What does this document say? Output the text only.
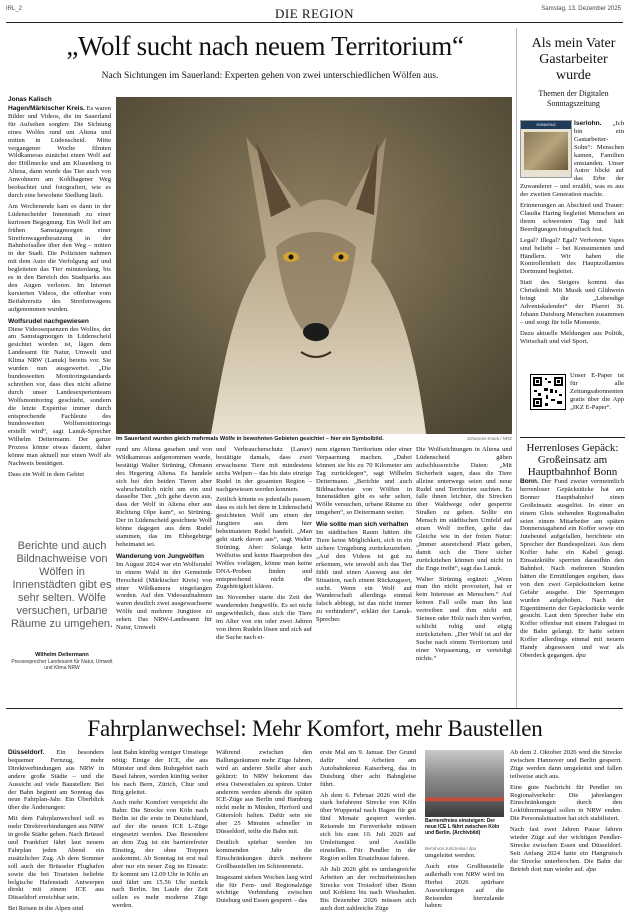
IRL_2	DIE REGION	Samstag, 13. Dezember 2025
„Wolf sucht nach neuem Territorium“
Nach Sichtungen im Sauerland: Experten gehen von zwei unterschiedlichen Wölfen aus.
Jonas Kalisch

Hagen/Märkischer Kreis. Es waren Bilder und Videos, die im Sauerland für Aufsehen sorgten: Die Sichtung eines Wolfes rund um Altena und mitten in Lüdenscheid. Mitte vergangener Woche filmten Wildkameras zunächst einen Wolf auf der Höllmecke und am Klusenberg in Altena, dann wurde das Tier auch von Anwohnern am Kohlhagener Weg beobachtet und fotografiert, wie es durch eine bewohnte Siedlung läuft.

Am Wochenende kam es dann in der Lüdenscheider Innenstadt zu einer kuriosen Begegnung. Ein Wolf lief am frühen Samstagmorgen einer Streifenwagenbesatzung in der Bahnhofsallee über den Weg – mitten in der Stadt. Die Polizisten nahmen mit dem Auto die Verfolgung auf und begleiteten das Tier minutenlang, bis es in den Bereich des Stadtparks aus den Augen verloren. Im Internet kursierten Videos, die offenbar vom Beifahrersitz des Streifenwagens aufgenommen wurden.

Wolfsrudel nachgewiesen

Diese Videosequenzen des Wolfes, der am Samstagmorgen in Lüdenscheid gesichtet worden ist, lägen dem Landesamt für Natur, Umwelt und Klima NRW (Lanuk) bereits vor. Sie wurden nun ausgewertet. „Die bundesweiten Monitoringstandards schreiben vor, dass dies nicht alleine durch unser Landesexpertenteam Wolfsmonitoring geschieht, sondern die letzte Expertise immer durch entsprechende Fachleute des bundesweiten Wolfsmonitorings erstellt wird“, sagt Lanuk-Sprecher Wilhelm Deitermann. Der ganze Prozess könne etwas dauern, daher könne man aktuell nur einen Wolf als Nachweis bestätigen.

Dass ein Wolf in dem Gebiet

Im Sauerland wurden gleich mehrmals Wölfe in bewohnten Gebieten gesichtet – hier ein Symbolbild.	Johannes Krack / NRZ

rund um Altena gesehen und von Wildkameras aufgenommen wurde, bestätigt Walter Strüning, Obmann des Hegering Altena. Es handele sich bei den beiden Tieren aber wahrscheinlich nicht um ein und dasselbe Tier. „Ich gehe davon aus, dass der Wolf in Altena eher aus Richtung Olpe kam“, so Strüning. Der in Lüdenscheid gesichtete Wolf könne dagegen aus dem Rudel stammen, das im Ebbegebirge beheimatet sei.

Wanderung von Jungwölfen

Im August 2024 war ein Wolfsrudel in einem Wald in der Gemeinde Herscheid (Märkischer Kreis) von einer Wildkamera eingefangen worden. Auf den Videoaufnahmen waren deutlich zwei ausgewachsene Wölfe und mehrere Jungtiere zu sehen. Das NRW-Landesamt für Natur, Umwelt

und Verbraucherschutz (Lanuv) bestätigte damals, dass zwei erwachsene Tiere mit mindestens sechs Welpen – das bis dato einzige Rudel in der gesamten Region – nachgewiesen werden konnten.

Zeitlich könnte es jedenfalls passen, dass es sich bei dem in Lüdenscheid gesichteten Wolf um einen der Jungtiere aus dem hier beheimateten Rudel handelt. „Man geht stark davon aus“, sagt Walter Strüning. Aber: Solange kein Wolfsriss und keine Haarproben des Wolfes vorlägen, könne man keine DNA-Proben finden und entsprechend nicht die Zugehörigkeit klären.

Im November starte die Zeit der wandernden Jungwölfe. Es sei nicht ungewöhnlich, dass sich die Tiere im Alter von ein oder zwei Jahren von ihren Rudeln lösen und sich auf die Suche nach ei-

nem eigenen Territorium oder einer Verpaarnung machen. „Dabei können sie bis zu 70 Kilometer am Tag zurücklegen“, sagt Wilhelm Deitermann. „Berichte und auch Bildnachweise von Wölfen in Innenstädten gibt es sehr selten, Wölfe versuchen, urbane Räume zu umgehen“, so Deitermann weiter.

Wie sollte man sich verhalten

Im städtischen Raum hätten die Tiere keine Möglichkeit, sich in ein sichere Umgebung zurückzuziehen. „Auf den Videos ist gut zu erkennen, wie unwohl sich das Tier fühlt und einen Ausweg aus der Situation, nach einem Rückzugsort, sucht. Wenn ein Wolf auf Wanderschaft allerdings einmal falsch abbiegt, ist das nicht immer zu verhindern“, erklärt der Lanuk-Sprecher.

Die Wolfssichtungen in Altena und Lüdenscheid gäben aufschlussreiche Daten: „Mit Sicherheit sagen, dass die Tiere alleine unterwegs seien und neue Rudel und Territorien suchten. Es falle ihnen leichter, die Strecken über Waldwege oder gesperrte Straßen zu gehen. Sollte ein Mensch im städtischen Umfeld auf einen Wolf treffen, gelte das Gleiche wie in der freien Natur: „Immer ausreichend Platz geben, damit sich die Tiere sicher zurückziehen können und nicht in die Enge treibt“, sagt das Lanuk.

Walter Strüning ergänzt: „Wenn man ihn nicht provoziert, hat er kein Interesse an Menschen.“ Auf keinen Fall solle man ihn laut vertreiben und ihm nicht mit Steinen oder Holz nach ihm werfen, schlicht ruhig und zügig zurückziehen. „Der Wolf ist auf der Suche nach einem Territorium und einer Verpaarnung, er verteidigt nichts.“

Berichte und auch Bildnachweise von Wölfen in Innenstädten gibt es sehr selten. Wölfe versuchen, urbane Räume zu umgehen.
Wilhelm Deitermann
Pressesprecher Landesamt für Natur, Umwelt und Klima NRW
Als mein Vater Gastarbeiter wurde
Themen der Digitalen Sonntagszeitung
SONNTAG	Iserlohn. „Ich bin ein Gastarbeiter-Sohn“: Menschen kamen, Familien entstanden. Unser Autor blickt auf das Erbe der Zuwanderer – und erzählt, was es aus der zweiten Generation machte.

Erinnerungen an Abschied und Trauer: Claudia Haring begleitet Menschen an ihrem schwersten Tag und hält Beerdigungen fotografisch fest.

Legal? Illegal? Egal? Verbotene Vapes sind beliebt – bei Konsumenten und Händlern. Wir haben die Kontrolleinheit des Hauptzollamtes Dortmund begleitet.

Statt des Steigers kommt das Christkind: Mit Musik und Glühwein bringt die „Lebendige Adventskalender“ der Pfarrei St. Johann Duisburg Menschen zusammen – und sorgt für tolle Momente.

Dazu aktuelle Meldungen aus Politik, Wirtschaft und viel Sport.

Unser E-Paper ist für alle Zeitungsabonnenten gratis über die App „IKZ E-Paper“.

Herrenloses Gepäck: Großeinsatz am Hauptbahnhof Bonn

Bonn. Der Fund zweier vermeintlich herrenloser Gepäckstücke hat am Bonner Hauptbahnhof einen Großeinsatz ausgelöst. In einer an einem Gleis stehenden Regionalbahn seien einem Mitarbeiter am späten Donnerstagabend ein Koffer sowie ein Jutebeutel aufgefallen, berichtete ein Sprecher der Bundespolizei. Aus dem Koffer habe ein Kabel geragt. Einsatzkräfte sperrten daraufhin den Bahnhof. Nach mehreren Stunden hätten die Ermittlungen ergeben, dass von den zwei Gepäckstücken keine Gefahr ausgehe. Die Sperrungen wurden aufgehoben. Nach der Eigentümerin der Gepäckstücke werde gesucht. Laut dem Sprecher habe ein Koffer offenbar mit einem Fahrgast in die Bahn gelangt. Er hatte seinen Koffer allerdings einmal mit neuem Handy abgesessen und war als Oberdeck gegangen. dpa

Fahrplanwechsel: Mehr Komfort, mehr Baustellen

Düsseldorf. Ein besonders bequemer Fernzug, mehr Direktverbindungen aus NRW in andere große Städte – und die Aussicht auf viele Baustellen: Bei der Bahn beginnt am Sonntag das neue Fahrplan-Jahr. Ein Überblick über die Änderungen:

Mit dem Fahrplanwechsel soll es mehr Direktverbindungen aus NRW in große Städte geben. Nach Brüssel und Frankfurt fährt laut neuem Fahrplan jeden Abend ein zusätzlicher Zug. Ab dem Sommer soll auch der Brüsseler Flughafen sowie die bei Touristen beliebte belgische Hafenstadt Antwerpen direkt mit einem ICE aus Düsseldorf erreichbar sein.

Bei Reisen in die Alpen sind

laut Bahn künftig weniger Umstiege nötig: Einige der ICE, die aus Münster und dem Ruhrgebiet nach Basel fahren, werden künftig weiter bis nach Bern, Zürich, Chur und Brig geleitet.

Auch mehr Komfort verspricht die Bahn: Die Strecke von Köln nach Berlin ist die erste in Deutschland, auf der die neuen ICE L-Züge eingesetzt werden. Das Besondere an dem Zug ist ein barrierefreier Einstieg, der ohne Treppen auskommt. Ab Sonntag ist erst mal aber nur ein neuer Zug im Einsatz: Er kommt um 12.09 Uhr in Köln an und fährt um 15.56 Uhr zurück nach Berlin. Im Laufe der Zeit sollen es mehr moderne Züge werden.

Während zwischen den Ballungsräumen mehr Züge fahren, wird an anderer Stelle aber auch gekürzt: In NRW bekommt das etwa Ostwestfalen zu spüren. Unter anderem werden abends die späten ICE-Züge aus Berlin und Hamburg nicht mehr in Minden, Herford und Gütersloh halten. Dafür sein sie aber 25 Minuten schneller in Düsseldorf, teilte die Bahn mit.

Deutlich spürbar werden im kommenden Jahr die Einschränkungen durch mehrere Großbaustellen im Schienennetz.

Insgesamt sieben Wochen lang wird die für Fern- und Regionalzüge wichtige Verbindung zwischen Duisburg und Essen gesperrt – das

erste Mal am 9. Januar. Der Grund dafür sind Arbeiten am Autobahnkreuz Kaiserberg, das in Duisburg über acht Bahngleise führt.

Ab dem 6. Februar 2026 wird die stark befahrene Strecke von Köln über Wuppertal nach Hagen für gut fünf Monate gesperrt werden. Reisende im Fernverkehr müssen sich bis zum 10. Juli 2026 auf Umleitungen und Ausfälle einstellen. Für Pendler in der Region sollen Ersatzbusse fahren.

Ab Juli 2026 gibt es umfangreiche Arbeiten an der rechtsrheinischen Strecke von Troisdorf über Bonn und Koblenz bis nach Wiesbaden. Bis Dezember 2026 müssen sich auch dort zahlreiche Züge

Barrierefreies einsteigen: Der neue ICE L fährt zwischen Köln und Berlin. (Archivbild)
Bernd von Jutrczenka / dpa

umgeleitet werden.

Auch eine Großbaustelle außerhalb von NRW wird im Herbst 2026 spürbare Auswirkungen auf die Reisenden hierzulande haben:

Ab dem 2. Oktober 2026 wird die Strecke zwischen Hannover und Berlin gesperrt. Züge werden dann umgeleitet und fallen teilweise auch aus.

Eine gute Nachricht für Pendler im Regionalverkehr: Die jahrelangen Einschränkungen durch den Lokführermangel sollen in NRW enden. Die Personalsituation hat sich stabilisiert.

Nach fast zwei Jahren Pause fahren wieder Züge auf der wichtigen Pendler-Strecke zwischen Essen und Düsseldorf. Seit Anfang 2024 hatte ein Hangrutsch die Strecke unterbrochen. Die Bahn die Betrieb dort nun wieder auf. dpa
